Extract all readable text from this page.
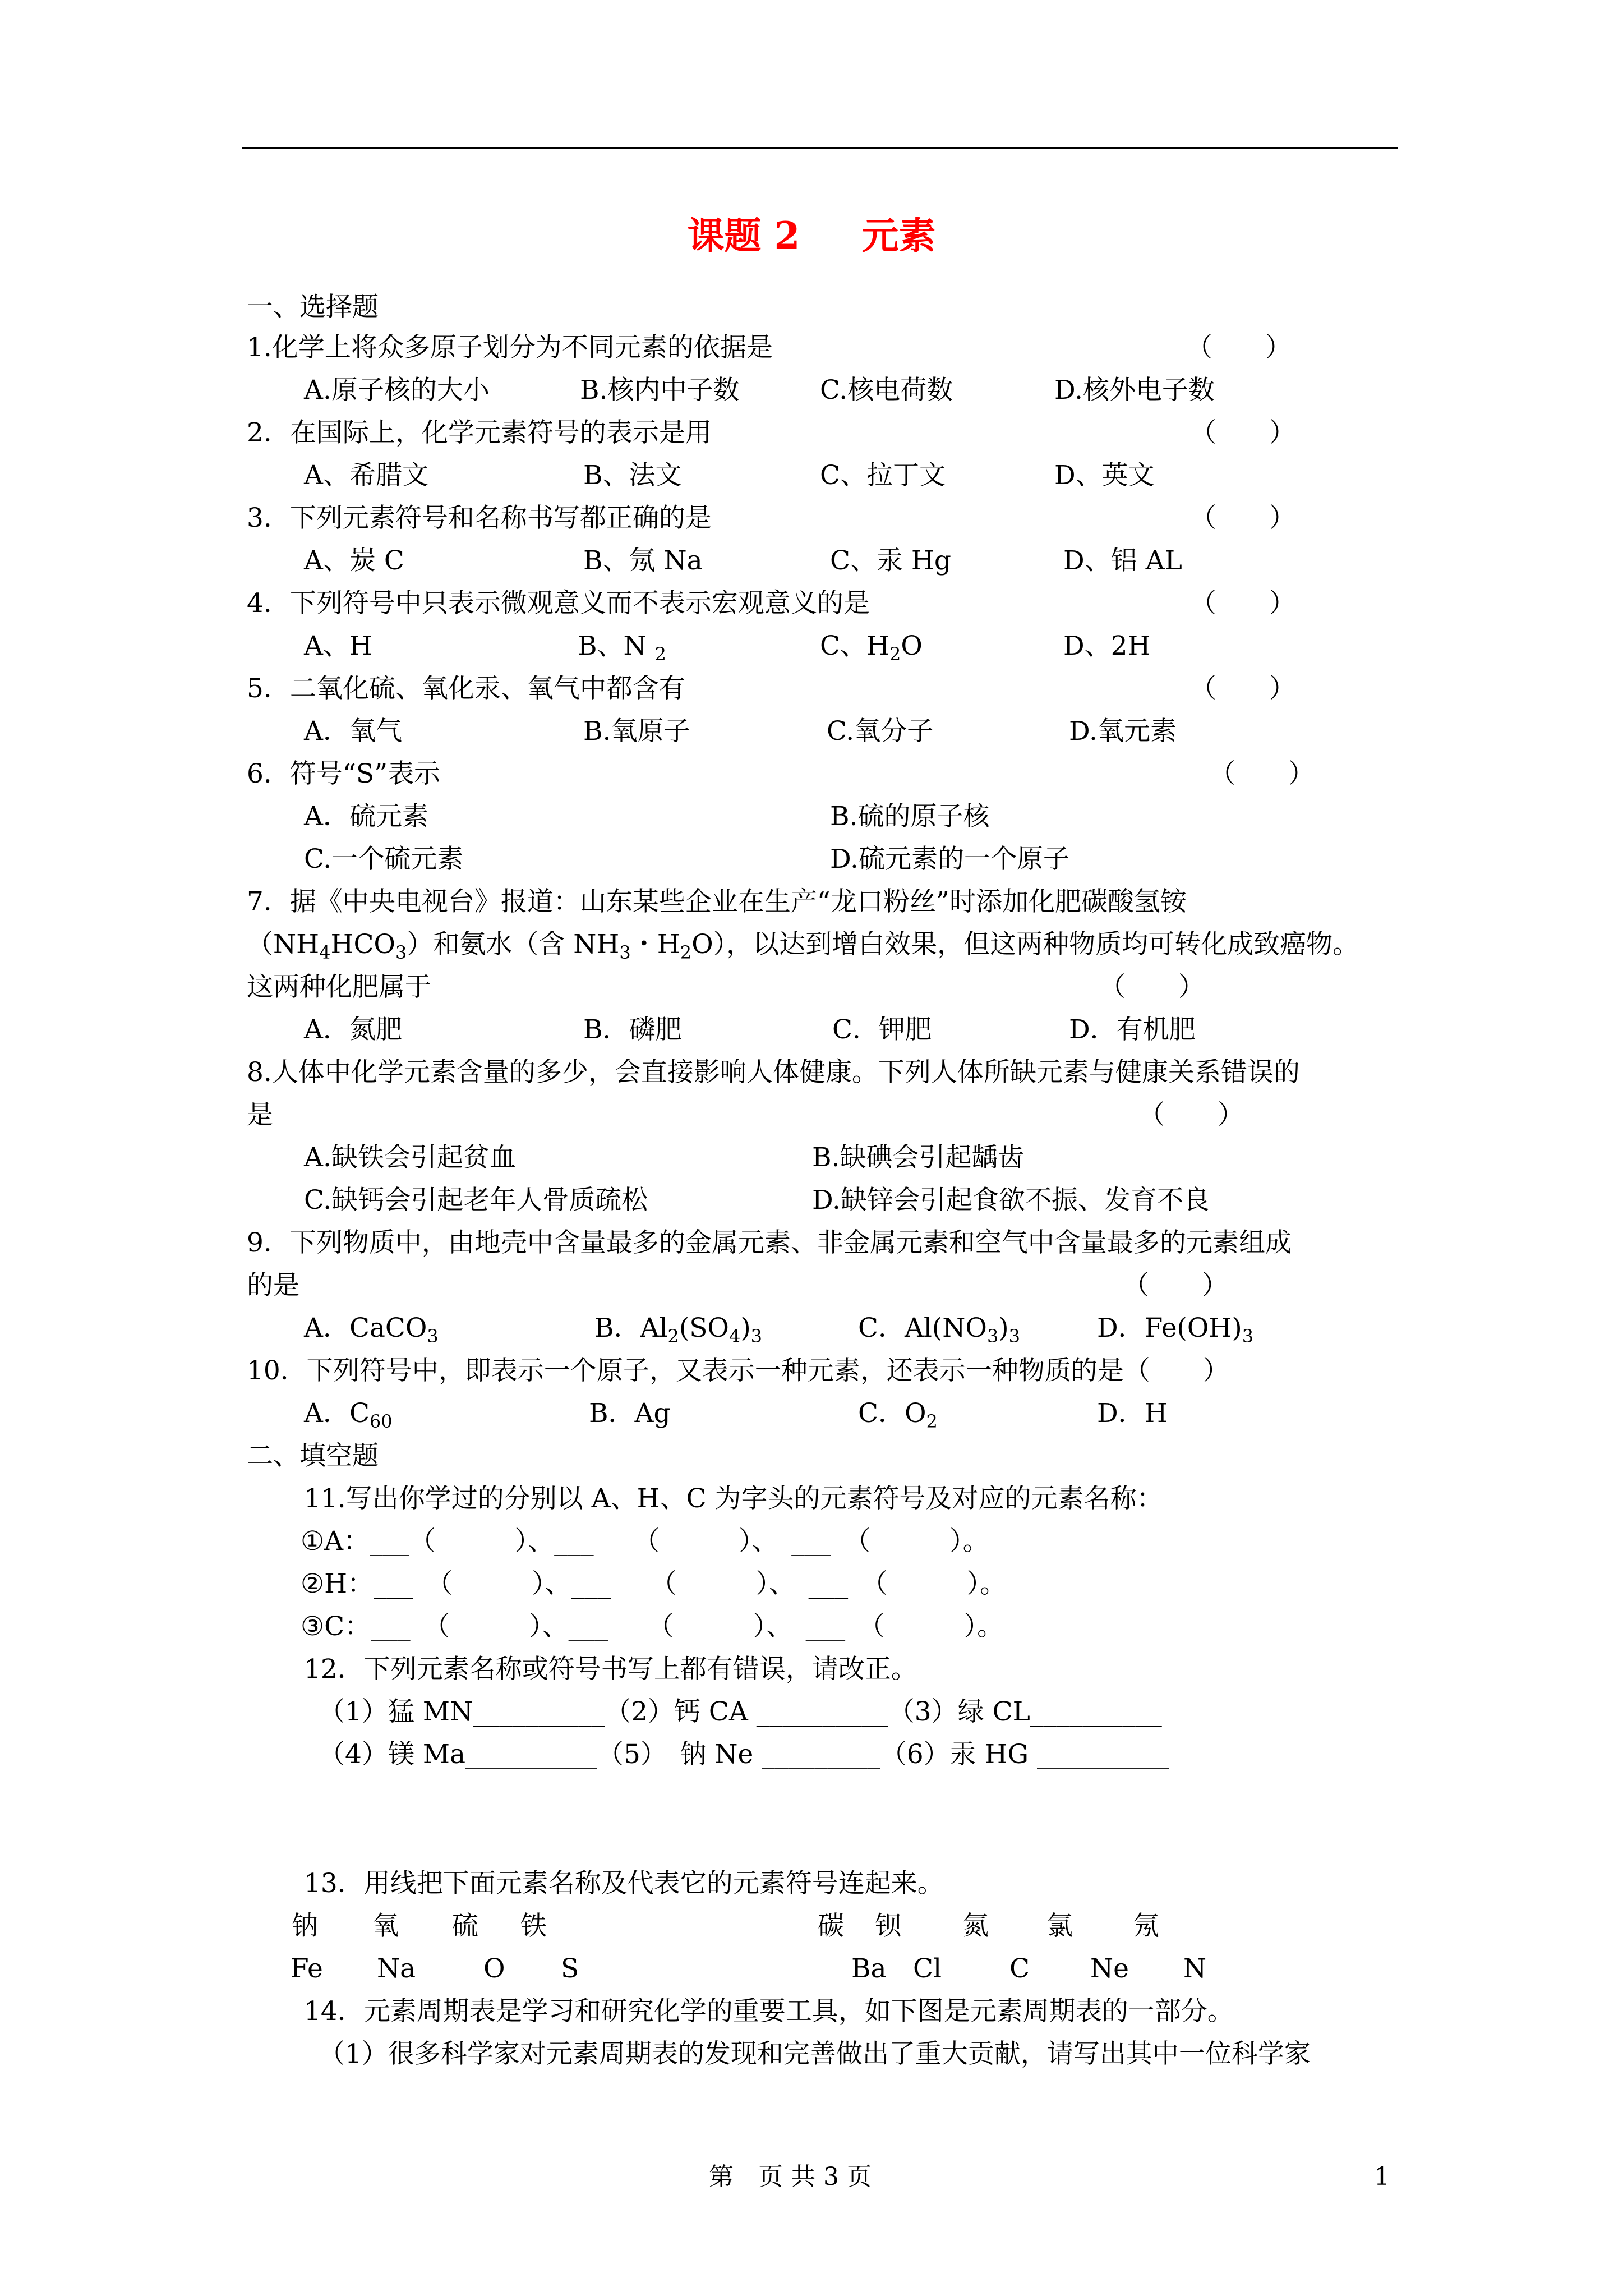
课题 2 元素
一、选择题
1.化学上将众多原子划分为不同元素的依据是	（　　）
A.原子核的大小	B.核内中子数	C.核电荷数	D.核外电子数
2．在国际上，化学元素符号的表示是用	（　　）
A、希腊文	B、法文	C、拉丁文	D、英文
3．下列元素符号和名称书写都正确的是	（　　）
A、炭 C	B、氖 Na	C、汞 Hg	D、铝 AL
4．下列符号中只表示微观意义而不表示宏观意义的是	（　　）
A、H	B、N $_2$	C、$H_2O$	D、2H
5．二氧化硫、氧化汞、氧气中都含有	（　　）
A．氧气	B.氧原子	C.氧分子	D.氧元素
6．符号“S”表示	（　　）
A．硫元素	B.硫的原子核
C.一个硫元素	D.硫元素的一个原子
7．据《中央电视台》报道：山东某些企业在生产“龙口粉丝”时添加化肥碳酸氢铵
$(NH_4HCO_3)$和氨水（含 $NH_3$・$H_2O$），以达到增白效果，但这两种物质均可转化成致癌物。
这两种化肥属于	（　　）
A．氮肥	B．磷肥	C．钾肥	D．有机肥
8.人体中化学元素含量的多少，会直接影响人体健康。下列人体所缺元素与健康关系错误的
是	（　　）
A.缺铁会引起贫血	B.缺碘会引起龋齿
C.缺钙会引起老年人骨质疏松	D.缺锌会引起食欲不振、发育不良
9．下列物质中，由地壳中含量最多的金属元素、非金属元素和空气中含量最多的元素组成
的是	（　　）
A．CaCO$_3$	B．$Al_2(SO_4)_3$	C．$Al(NO_3)_3$	D．$Fe(OH)_3$
10．下列符号中，即表示一个原子，又表示一种元素，还表示一种物质的是（　　）
A．$C_{60}$	B．Ag	C．$O_2$	D．H
二、填空题
11.写出你学过的分别以 A、H、C 为字头的元素符号及对应的元素名称：
①A：___（　　　）、___　　（　　　）、　___　（　　　）。
②H：___　（　　　）、___　　（　　　）、　___　（　　　）。
③C：___　（　　　）、___　　（　　　）、　___　（　　　）。
12．下列元素名称或符号书写上都有错误，请改正。
（1）猛 MN__________（2）钙 CA __________（3）绿 CL__________
（4）镁 Ma__________（5）　钠 Ne _________（6）汞 HG __________
13．用线把下面元素名称及代表它的元素符号连起来。
钠 氧 硫 铁	碳 钡 氮 氯 氖
Fe Na	O S	Ba Cl	C Ne N
14．元素周期表是学习和研究化学的重要工具，如下图是元素周期表的一部分。
（1）很多科学家对元素周期表的发现和完善做出了重大贡献，请写出其中一位科学家
第　页 共 3 页	1
